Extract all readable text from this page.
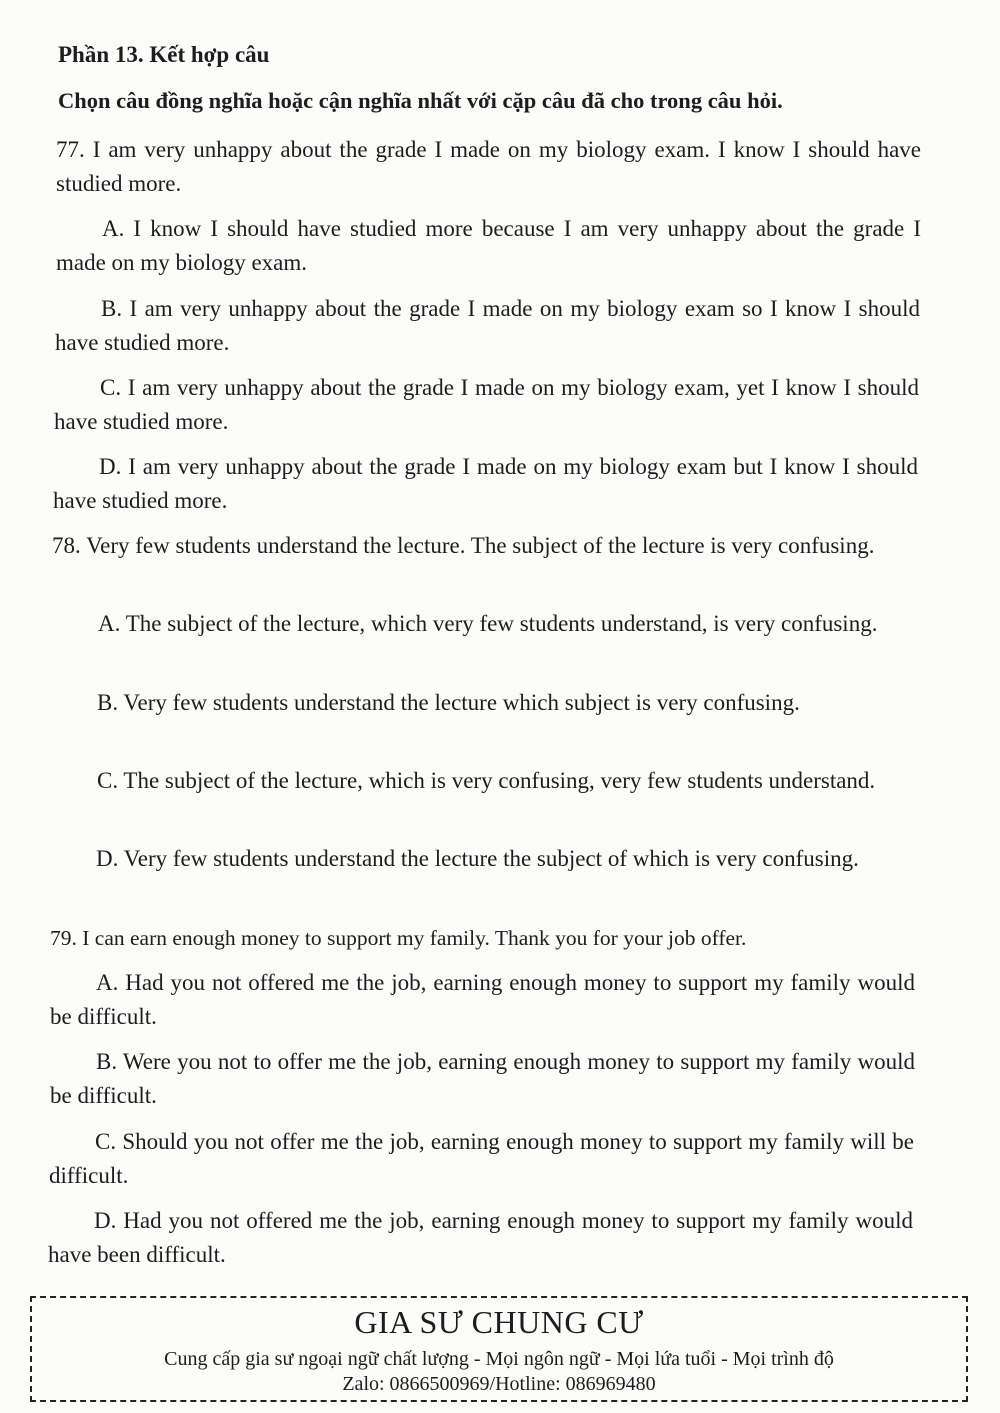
Phần 13. Kết hợp câu
Chọn câu đồng nghĩa hoặc cận nghĩa nhất với cặp câu đã cho trong câu hỏi.
77. I am very unhappy about the grade I made on my biology exam. I know I should have studied more.
A. I know I should have studied more because I am very unhappy about the grade I made on my biology exam.
B. I am very unhappy about the grade I made on my biology exam so I know I should have studied more.
C. I am very unhappy about the grade I made on my biology exam, yet I know I should have studied more.
D. I am very unhappy about the grade I made on my biology exam but I know I should have studied more.
78. Very few students understand the lecture. The subject of the lecture is very confusing.
A. The subject of the lecture, which very few students understand, is very confusing.
B. Very few students understand the lecture which subject is very confusing.
C. The subject of the lecture, which is very confusing, very few students understand.
D. Very few students understand the lecture the subject of which is very confusing.
79. I can earn enough money to support my family. Thank you for your job offer.
A. Had you not offered me the job, earning enough money to support my family would be difficult.
B. Were you not to offer me the job, earning enough money to support my family would be difficult.
C. Should you not offer me the job, earning enough money to support my family will be difficult.
D. Had you not offered me the job, earning enough money to support my family would have been difficult.
GIA SƯ CHUNG CƯ
Cung cấp gia sư ngoại ngữ chất lượng - Mọi ngôn ngữ - Mọi lứa tuổi - Mọi trình độ
Zalo: 0866500969/Hotline: 086969480
